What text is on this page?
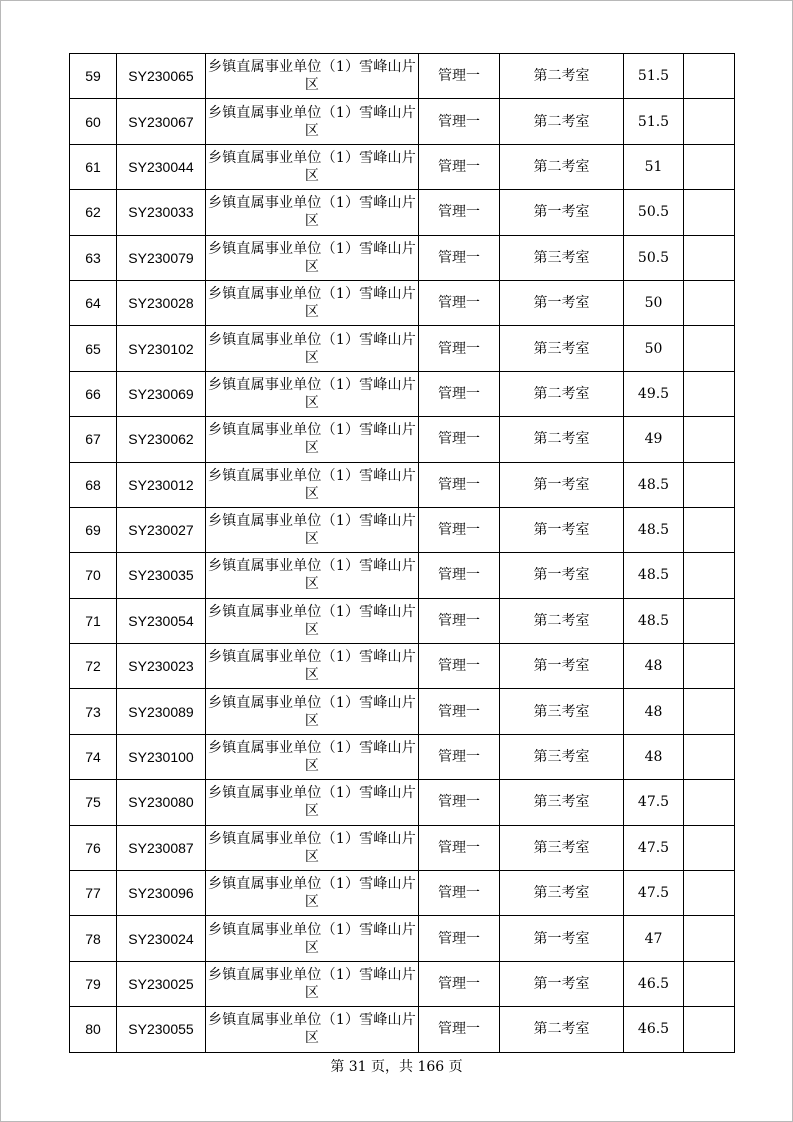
59	SY230065	乡镇直属事业单位（1）雪峰山片区	管理一	第二考室	51.5	
60	SY230067	乡镇直属事业单位（1）雪峰山片区	管理一	第二考室	51.5	
61	SY230044	乡镇直属事业单位（1）雪峰山片区	管理一	第二考室	51	
62	SY230033	乡镇直属事业单位（1）雪峰山片区	管理一	第一考室	50.5	
63	SY230079	乡镇直属事业单位（1）雪峰山片区	管理一	第三考室	50.5	
64	SY230028	乡镇直属事业单位（1）雪峰山片区	管理一	第一考室	50	
65	SY230102	乡镇直属事业单位（1）雪峰山片区	管理一	第三考室	50	
66	SY230069	乡镇直属事业单位（1）雪峰山片区	管理一	第二考室	49.5	
67	SY230062	乡镇直属事业单位（1）雪峰山片区	管理一	第二考室	49	
68	SY230012	乡镇直属事业单位（1）雪峰山片区	管理一	第一考室	48.5	
69	SY230027	乡镇直属事业单位（1）雪峰山片区	管理一	第一考室	48.5	
70	SY230035	乡镇直属事业单位（1）雪峰山片区	管理一	第一考室	48.5	
71	SY230054	乡镇直属事业单位（1）雪峰山片区	管理一	第二考室	48.5	
72	SY230023	乡镇直属事业单位（1）雪峰山片区	管理一	第一考室	48	
73	SY230089	乡镇直属事业单位（1）雪峰山片区	管理一	第三考室	48	
74	SY230100	乡镇直属事业单位（1）雪峰山片区	管理一	第三考室	48	
75	SY230080	乡镇直属事业单位（1）雪峰山片区	管理一	第三考室	47.5	
76	SY230087	乡镇直属事业单位（1）雪峰山片区	管理一	第三考室	47.5	
77	SY230096	乡镇直属事业单位（1）雪峰山片区	管理一	第三考室	47.5	
78	SY230024	乡镇直属事业单位（1）雪峰山片区	管理一	第一考室	47	
79	SY230025	乡镇直属事业单位（1）雪峰山片区	管理一	第一考室	46.5	
80	SY230055	乡镇直属事业单位（1）雪峰山片区	管理一	第二考室	46.5	
第 31 页，共 166 页
